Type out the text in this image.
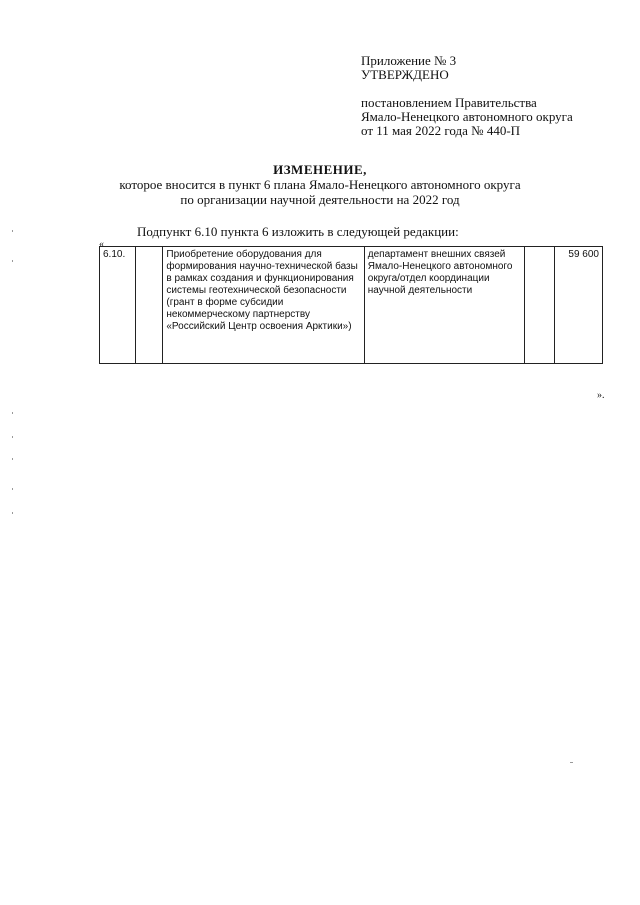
Приложение № 3
УТВЕРЖДЕНО
постановлением Правительства
Ямало-Ненецкого автономного округа
от 11 мая 2022 года № 440-П
ИЗМЕНЕНИЕ,
которое вносится в пункт 6 плана Ямало-Ненецкого автономного округа
по организации научной деятельности на 2022 год
Подпункт 6.10 пункта 6 изложить в следующей редакции:
«
6.10.		Приобретение оборудования для формирования научно-технической базы в рамках создания и функционирования системы геотехнической безопасности (грант в форме субсидии некоммерческому партнерству «Российский Центр освоения Арктики»)	департамент внешних связей Ямало-Ненецкого автономного округа/отдел координации научной деятельности		59 600
».
